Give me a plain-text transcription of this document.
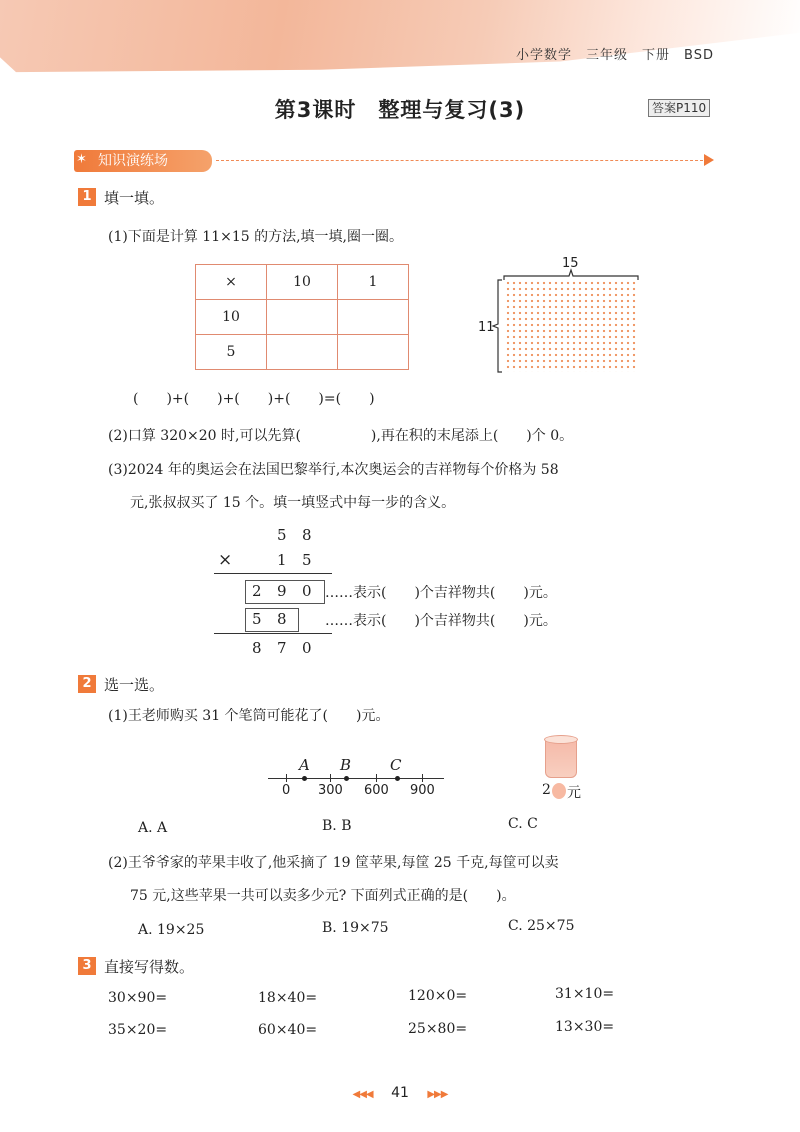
小学数学　三年级　下册　BSD
第3课时　整理与复习(3)	答案P110
知识演练场
✶
1 填一填。
(1)下面是计算 11×15 的方法,填一填,圈一圈。
×	10	1
10		
5		
15
11
(　　)+(　　)+(　　)+(　　)=(　　)
(2)口算 320×20 时,可以先算(　　　　　),再在积的末尾添上(　　)个 0。
(3)2024 年的奥运会在法国巴黎举行,本次奥运会的吉祥物每个价格为 58
元,张叔叔买了 15 个。填一填竖式中每一步的含义。
5 8
×	1 5
2 9 0 ……表示(　　)个吉祥物共(　　)元。
5 8	……表示(　　)个吉祥物共(　　)元。
8 7 0
2 选一选。
(1)王老师购买 31 个笔筒可能花了(　　)元。
A B	C
0 300 600 900	2 元
A. A	B. B	C. C
(2)王爷爷家的苹果丰收了,他采摘了 19 筐苹果,每筐 25 千克,每筐可以卖
75 元,这些苹果一共可以卖多少元? 下面列式正确的是(　　)。
A. 19×25	B. 19×75	C. 25×75
3 直接写得数。
30×90=	18×40=	120×0=	31×10=
35×20=	60×40=	25×80=	13×30=
◀◀◀ 41 ▶▶▶
